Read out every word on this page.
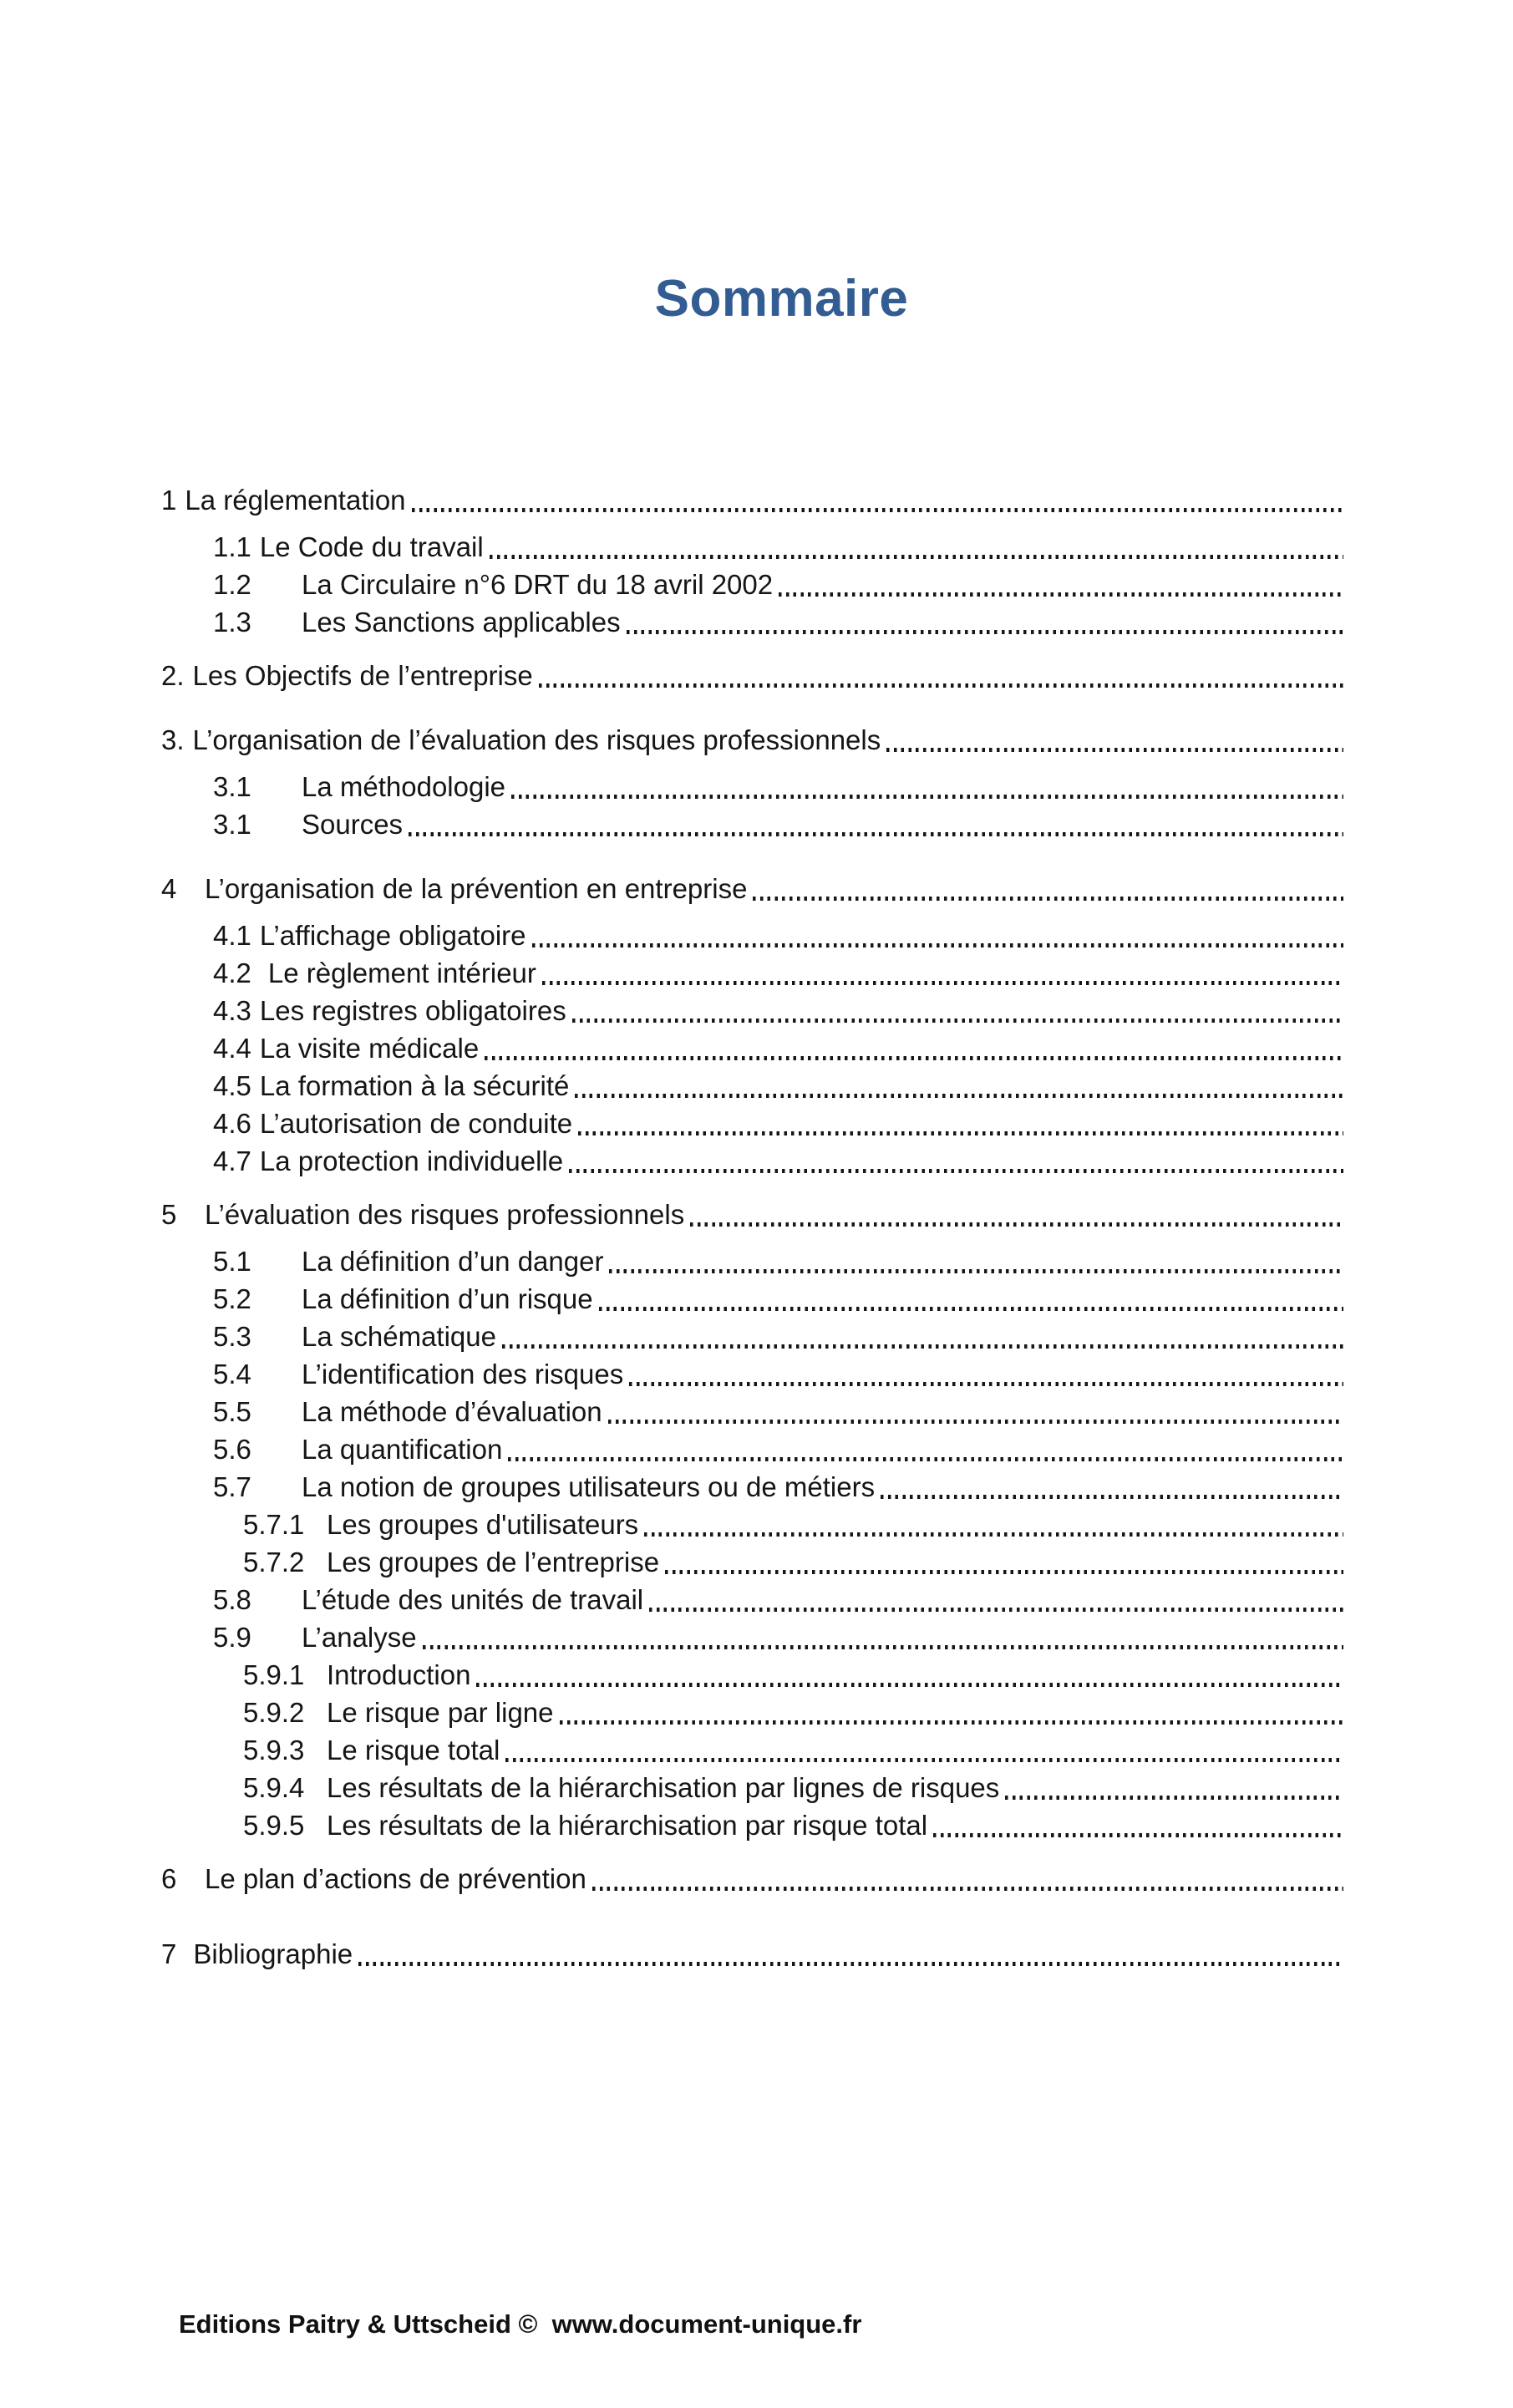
Sommaire
1 La réglementation
1.1 Le Code du travail
1.2	La Circulaire n°6 DRT du 18 avril 2002
1.3	Les Sanctions applicables
2. Les Objectifs de l’entreprise
3. L’organisation de l’évaluation des risques professionnels
3.1	La méthodologie
3.1	Sources
4	L’organisation de la prévention en entreprise
4.1 L’affichage obligatoire
4.2 Le règlement intérieur
4.3 Les registres obligatoires
4.4 La visite médicale
4.5 La formation à la sécurité
4.6 L’autorisation de conduite
4.7 La protection individuelle
5	L’évaluation des risques professionnels
5.1	La définition d’un danger
5.2	La définition d’un risque
5.3	La schématique
5.4	L’identification des risques
5.5	La méthode d’évaluation
5.6	La quantification
5.7	La notion de groupes utilisateurs ou de métiers
5.7.1 Les groupes d'utilisateurs
5.7.2 Les groupes de l’entreprise
5.8	L’étude des unités de travail
5.9	L’analyse
5.9.1 Introduction
5.9.2 Le risque par ligne
5.9.3 Le risque total
5.9.4 Les résultats de la hiérarchisation par lignes de risques
5.9.5 Les résultats de la hiérarchisation par risque total
6	Le plan d’actions de prévention
7 Bibliographie
Editions Paitry & Uttscheid ©  www.document-unique.fr
